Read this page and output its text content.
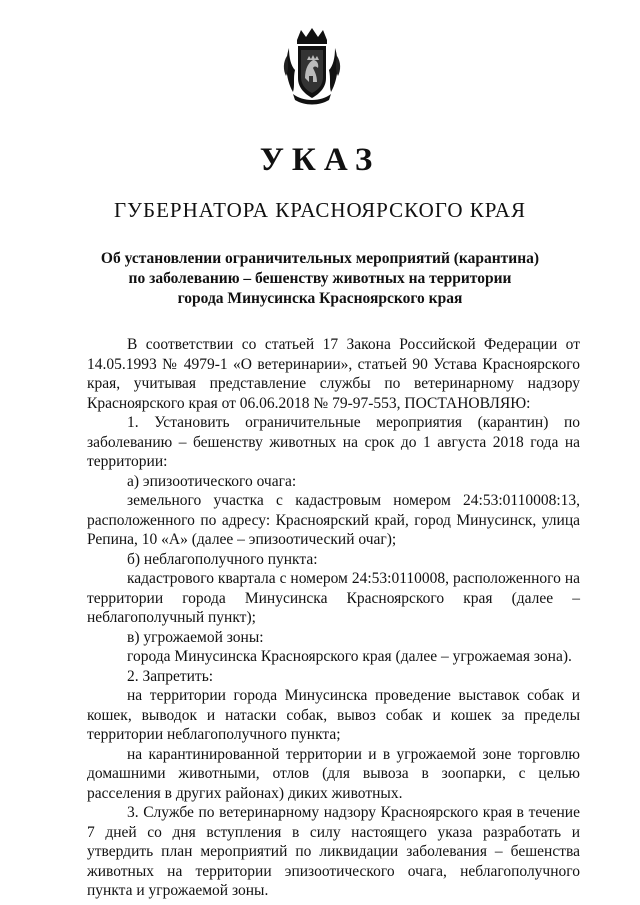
УКАЗ
ГУБЕРНАТОРА КРАСНОЯРСКОГО КРАЯ
Об установлении ограничительных мероприятий (карантина)
по заболеванию – бешенству животных на территории
города Минусинска Красноярского края

В соответствии со статьей 17 Закона Российской Федерации от 14.05.1993 № 4979-1 «О ветеринарии», статьей 90 Устава Красноярского края, учитывая представление службы по ветеринарному надзору Красноярского края от 06.06.2018 № 79-97-553, ПОСТАНОВЛЯЮ:

1. Установить ограничительные мероприятия (карантин) по заболеванию – бешенству животных на срок до 1 августа 2018 года на территории:

а) эпизоотического очага:

земельного участка с кадастровым номером 24:53:0110008:13, расположенного по адресу: Красноярский край, город Минусинск, улица Репина, 10 «А» (далее – эпизоотический очаг);

б) неблагополучного пункта:

кадастрового квартала с номером 24:53:0110008, расположенного на территории города Минусинска Красноярского края (далее – неблагополучный пункт);

в) угрожаемой зоны:

города Минусинска Красноярского края (далее – угрожаемая зона).

2. Запретить:

на территории города Минусинска проведение выставок собак и кошек, выводок и натаски собак, вывоз собак и кошек за пределы территории неблагополучного пункта;

на карантинированной территории и в угрожаемой зоне торговлю домашними животными, отлов (для вывоза в зоопарки, с целью расселения в других районах) диких животных.

3. Службе по ветеринарному надзору Красноярского края в течение 7 дней со дня вступления в силу настоящего указа разработать и утвердить план мероприятий по ликвидации заболевания – бешенства животных на территории эпизоотического очага, неблагополучного пункта и угрожаемой зоны.
